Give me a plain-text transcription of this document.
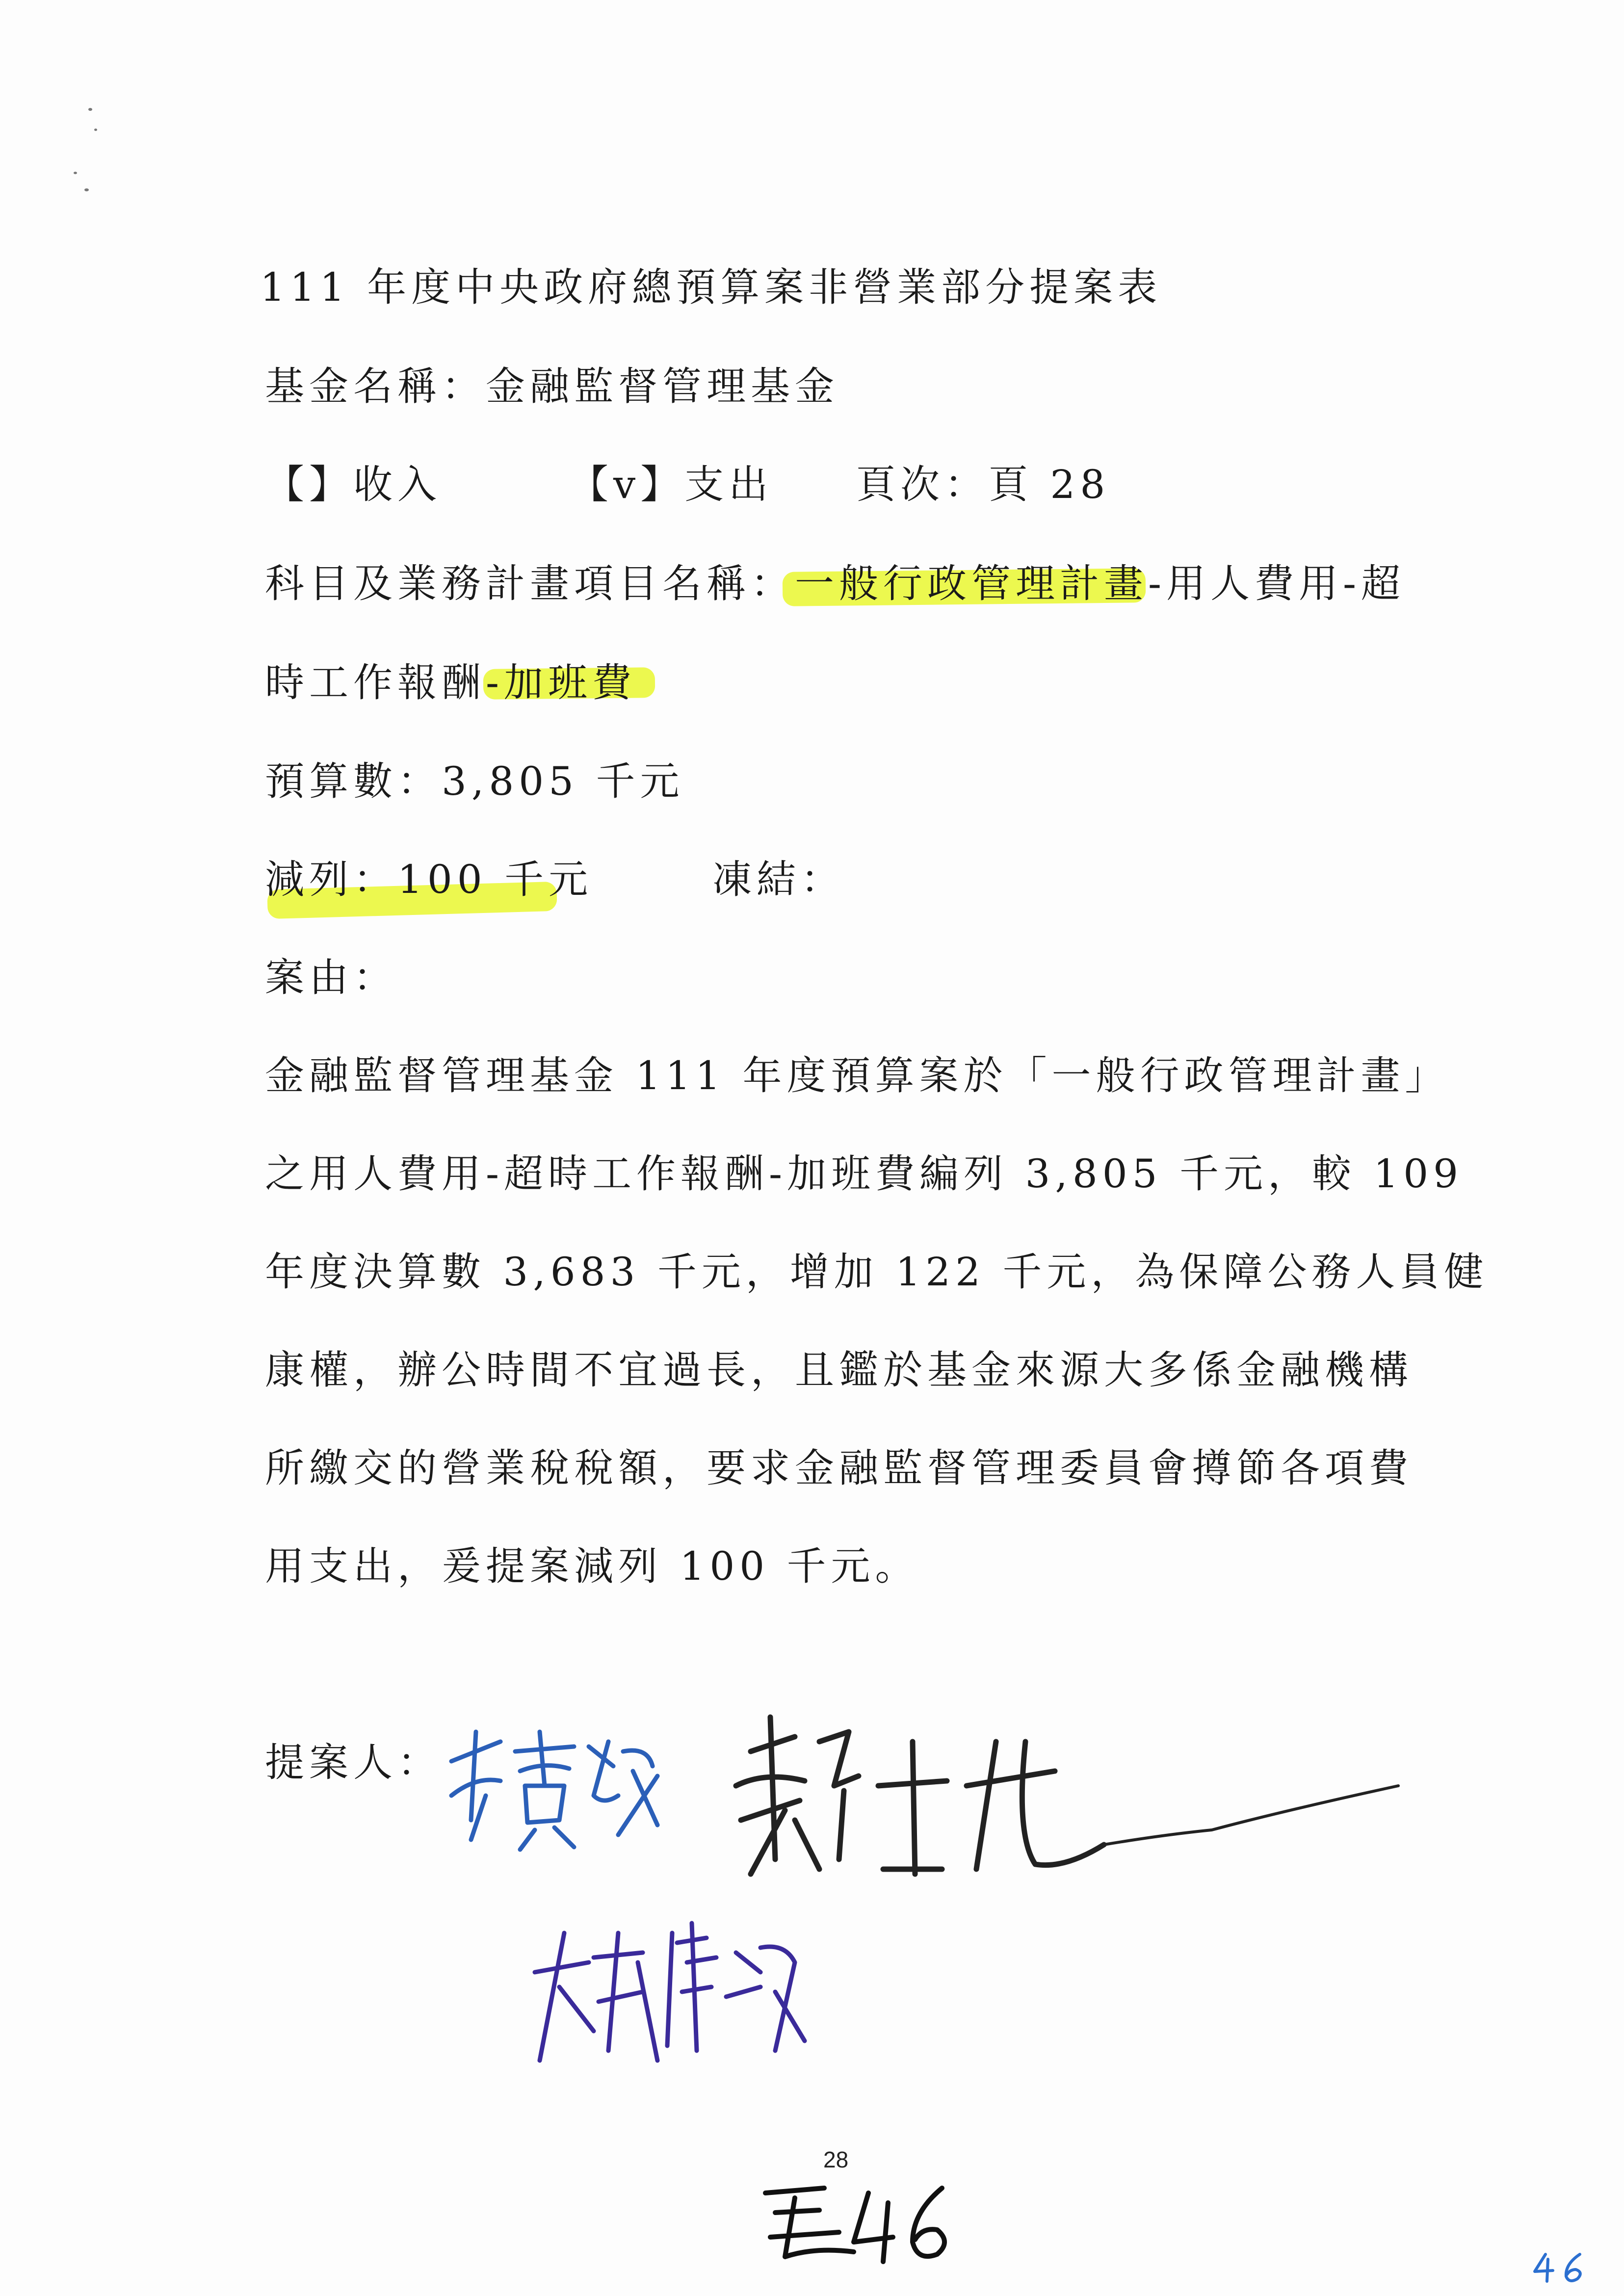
111 年度中央政府總預算案非營業部分提案表
基金名稱：金融監督管理基金
【】收入	【v】支出 頁次：頁 28
科目及業務計畫項目名稱：一般行政管理計畫-用人費用-超
時工作報酬-加班費
預算數：3,805 千元
減列：100 千元	凍結：
案由：
金融監督管理基金 111 年度預算案於「一般行政管理計畫」
之用人費用-超時工作報酬-加班費編列 3,805 千元，較 109
年度決算數 3,683 千元，增加 122 千元，為保障公務人員健
康權，辦公時間不宜過長，且鑑於基金來源大多係金融機構
所繳交的營業稅稅額，要求金融監督管理委員會撙節各項費
用支出，爰提案減列 100 千元。
提案人：
28
